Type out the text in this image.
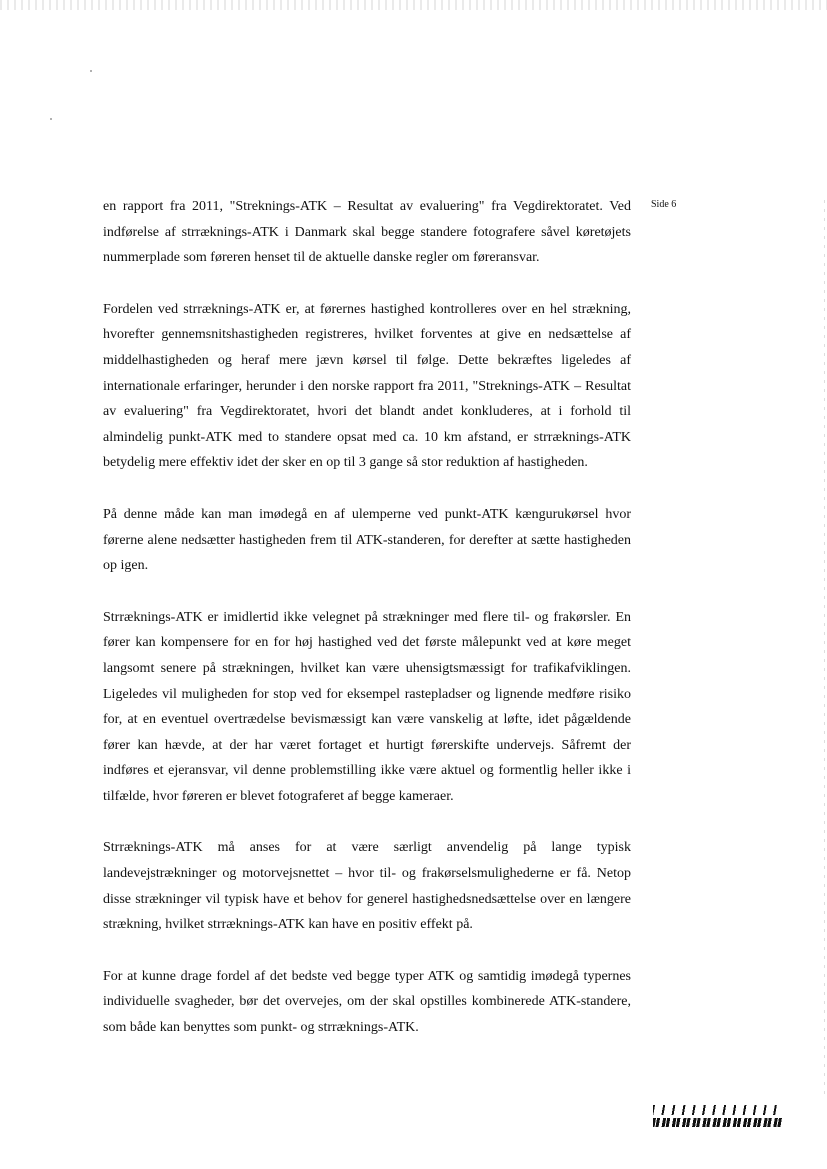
Side 6

en rapport fra 2011, "Streknings-ATK – Resultat av evaluering" fra Vegdirektoratet. Ved indførelse af strræknings-ATK i Danmark skal begge standere fotografere såvel køretøjets nummerplade som føreren henset til de aktuelle danske regler om føreransvar.

Fordelen ved strræknings-ATK er, at førernes hastighed kontrolleres over en hel strækning, hvorefter gennemsnitshastigheden registreres, hvilket forventes at give en nedsættelse af middelhastigheden og heraf mere jævn kørsel til følge. Dette bekræftes ligeledes af internationale erfaringer, herunder i den norske rapport fra 2011, "Streknings-ATK – Resultat av evaluering" fra Vegdirektoratet, hvori det blandt andet konkluderes, at i forhold til almindelig punkt-ATK med to standere opsat med ca. 10 km afstand, er strræknings-ATK betydelig mere effektiv idet der sker en op til 3 gange så stor reduktion af hastigheden.

På denne måde kan man imødegå en af ulemperne ved punkt-ATK kængurukørsel hvor førerne alene nedsætter hastigheden frem til ATK-standeren, for derefter at sætte hastigheden op igen.

Strræknings-ATK er imidlertid ikke velegnet på strækninger med flere til- og frakørsler. En fører kan kompensere for en for høj hastighed ved det første målepunkt ved at køre meget langsomt senere på strækningen, hvilket kan være uhensigtsmæssigt for trafikafviklingen. Ligeledes vil muligheden for stop ved for eksempel rastepladser og lignende medføre risiko for, at en eventuel overtrædelse bevismæssigt kan være vanskelig at løfte, idet pågældende fører kan hævde, at der har været fortaget et hurtigt førerskifte undervejs. Såfremt der indføres et ejeransvar, vil denne problemstilling ikke være aktuel og formentlig heller ikke i tilfælde, hvor føreren er blevet fotograferet af begge kameraer.

Strræknings-ATK må anses for at være særligt anvendelig på lange typisk landevejstrækninger og motorvejsnettet – hvor til- og frakørselsmulighederne er få. Netop disse strækninger vil typisk have et behov for generel hastighedsnedsættelse over en længere strækning, hvilket strræknings-ATK kan have en positiv effekt på.

For at kunne drage fordel af det bedste ved begge typer ATK og samtidig imødegå typernes individuelle svagheder, bør det overvejes, om der skal opstilles kombinerede ATK-standere, som både kan benyttes som punkt- og strræknings-ATK.
